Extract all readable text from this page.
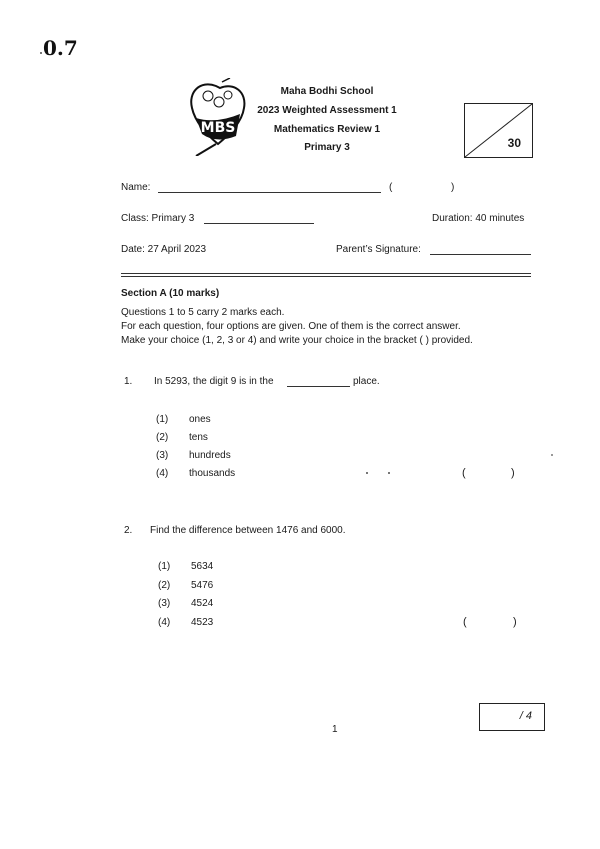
0.7
MBS
Maha Bodhi School
2023 Weighted Assessment 1
Mathematics Review 1
Primary 3	30
Name:	(	)
Class: Primary 3	Duration: 40 minutes
Date: 27 April 2023	Parent’s Signature:
Section A (10 marks)
Questions 1 to 5 carry 2 marks each.
For each question, four options are given. One of them is the correct answer.
Make your choice (1, 2, 3 or 4) and write your choice in the bracket ( ) provided.
1. In 5293, the digit 9 is in the	place.
(1) ones
(2) tens
(3) hundreds
(4) thousands	(	)
2. Find the difference between 1476 and 6000.
(1) 5634
(2) 5476
(3) 4524
(4) 4523	(	)
/ 4
1
